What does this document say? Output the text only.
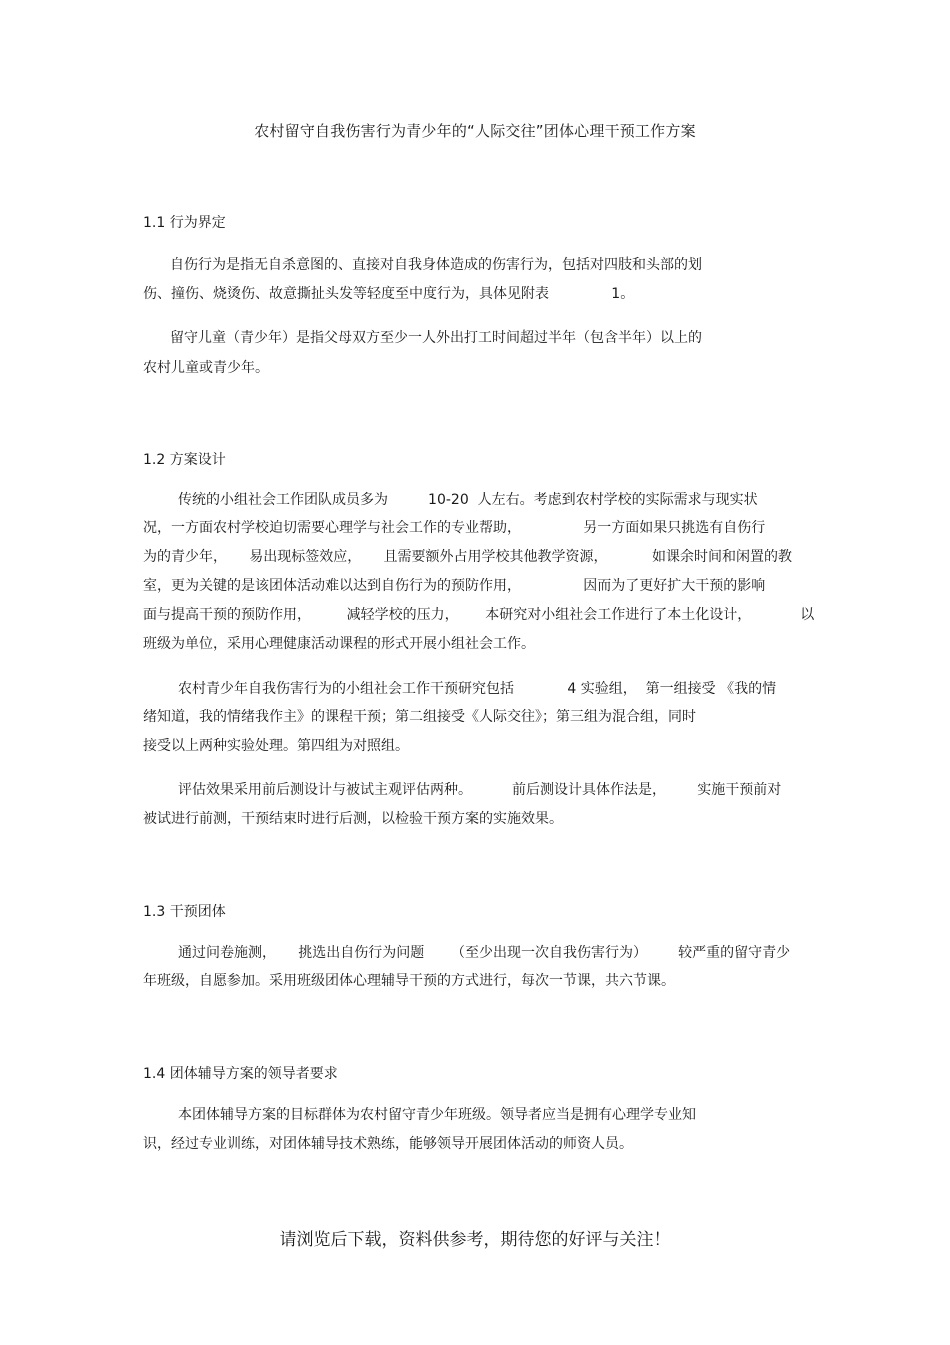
农村留守自我伤害行为青少年的“人际交往”团体心理干预工作方案
1.1 行为界定
自伤行为是指无自杀意图的、直接对自我身体造成的伤害行为，包括对四肢和头部的划
伤、撞伤、烧烫伤、故意撕扯头发等轻度至中度行为，具体见附表              1。
留守儿童（青少年）是指父母双方至少一人外出打工时间超过半年（包含半年）以上的
农村儿童或青少年。
1.2 方案设计
传统的小组社会工作团队成员多为         10-20  人左右。考虑到农村学校的实际需求与现实状
况，一方面农村学校迫切需要心理学与社会工作的专业帮助，              另一方面如果只挑选有自伤行
为的青少年，     易出现标签效应，     且需要额外占用学校其他教学资源，          如课余时间和闲置的教
室，更为关键的是该团体活动难以达到自伤行为的预防作用，              因而为了更好扩大干预的影响
面与提高干预的预防作用，        减轻学校的压力，      本研究对小组社会工作进行了本土化设计，           以
班级为单位，采用心理健康活动课程的形式开展小组社会工作。
农村青少年自我伤害行为的小组社会工作干预研究包括            4 实验组，  第一组接受 《我的情
绪知道，我的情绪我作主》的课程干预；第二组接受《人际交往》；第三组为混合组，同时
接受以上两种实验处理。第四组为对照组。
评估效果采用前后测设计与被试主观评估两种。         前后测设计具体作法是，       实施干预前对
被试进行前测，干预结束时进行后测，以检验干预方案的实施效果。
1.3 干预团体
通过问卷施测，     挑选出自伤行为问题      （至少出现一次自我伤害行为）       较严重的留守青少
年班级，自愿参加。采用班级团体心理辅导干预的方式进行，每次一节课，共六节课。
1.4 团体辅导方案的领导者要求
本团体辅导方案的目标群体为农村留守青少年班级。领导者应当是拥有心理学专业知
识，经过专业训练，对团体辅导技术熟练，能够领导开展团体活动的师资人员。
请浏览后下载，资料供参考，期待您的好评与关注！
